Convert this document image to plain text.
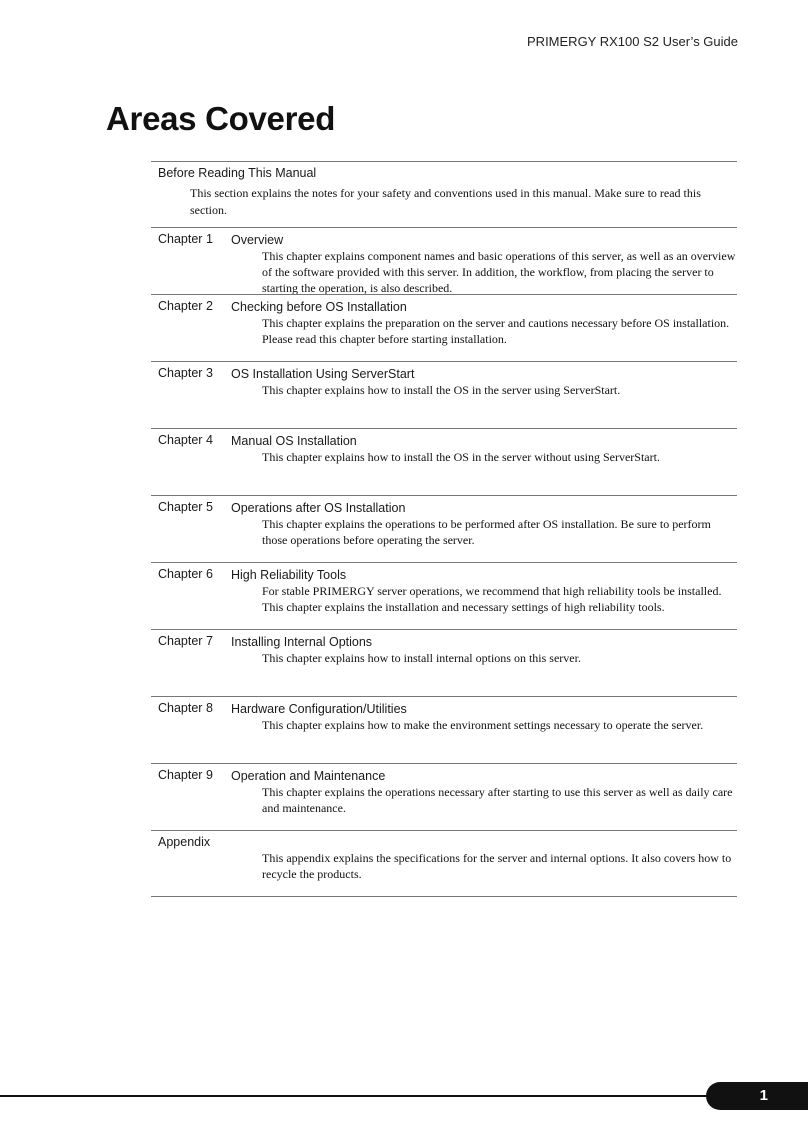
PRIMERGY RX100 S2 User’s Guide
Areas Covered
Before Reading This Manual
This section explains the notes for your safety and conventions used in this manual. Make sure to read this section.
Chapter 1 Overview
This chapter explains component names and basic operations of this server, as well as an overview of the software provided with this server. In addition, the workflow, from placing the server to starting the operation, is also described.
Chapter 2 Checking before OS Installation
This chapter explains the preparation on the server and cautions necessary before OS installation. Please read this chapter before starting installation.
Chapter 3 OS Installation Using ServerStart
This chapter explains how to install the OS in the server using ServerStart.
Chapter 4 Manual OS Installation
This chapter explains how to install the OS in the server without using ServerStart.
Chapter 5 Operations after OS Installation
This chapter explains the operations to be performed after OS installation. Be sure to perform those operations before operating the server.
Chapter 6 High Reliability Tools
For stable PRIMERGY server operations, we recommend that high reliability tools be installed. This chapter explains the installation and necessary settings of high reliability tools.
Chapter 7 Installing Internal Options
This chapter explains how to install internal options on this server.
Chapter 8 Hardware Configuration/Utilities
This chapter explains how to make the environment settings necessary to operate the server.
Chapter 9 Operation and Maintenance
This chapter explains the operations necessary after starting to use this server as well as daily care and maintenance.
Appendix
This appendix explains the specifications for the server and internal options. It also covers how to recycle the products.
1
